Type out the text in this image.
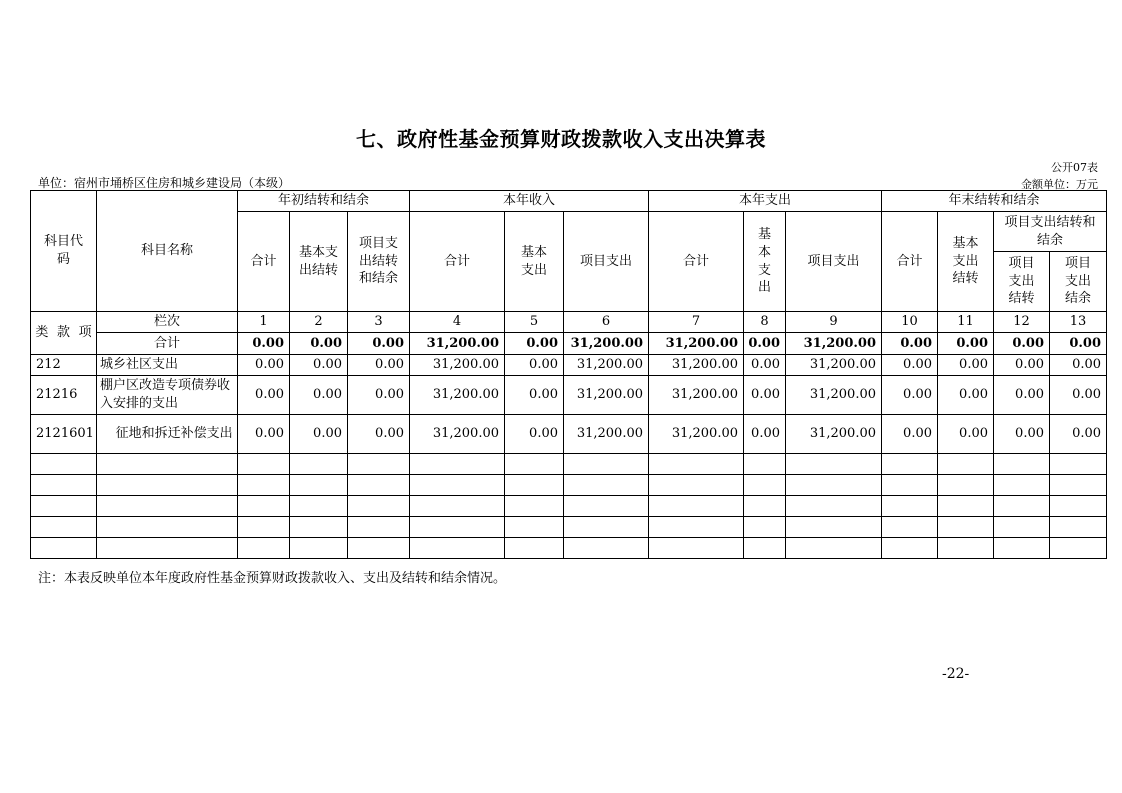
七、政府性基金预算财政拨款收入支出决算表
公开07表
单位：宿州市埇桥区住房和城乡建设局（本级）	金额单位：万元
科目代码	科目名称	年初结转和结余			本年收入			本年支出			年末结转和结余			
		合计	基本支出结转	项目支出结转和结余	合计	基本支出	项目支出	合计	基本支出	项目支出	合计	基本支出结转	项目支出结转和结余	

													项目支出结转	项目支出结余

类 款 项	栏次	1	2	3	4	5	6	7	8	9	10	11	12	13
	合计	0.00	0.00	0.00	31,200.00	0.00	31,200.00	31,200.00	0.00	31,200.00	0.00	0.00	0.00	0.00
212	城乡社区支出	0.00	0.00	0.00	31,200.00	0.00	31,200.00	31,200.00	0.00	31,200.00	0.00	0.00	0.00	0.00
21216	棚户区改造专项债券收入安排的支出	0.00	0.00	0.00	31,200.00	0.00	31,200.00	31,200.00	0.00	31,200.00	0.00	0.00	0.00	0.00
2121601	征地和拆迁补偿支出	0.00	0.00	0.00	31,200.00	0.00	31,200.00	31,200.00	0.00	31,200.00	0.00	0.00	0.00	0.00

注：本表反映单位本年度政府性基金预算财政拨款收入、支出及结转和结余情况。
-22-
